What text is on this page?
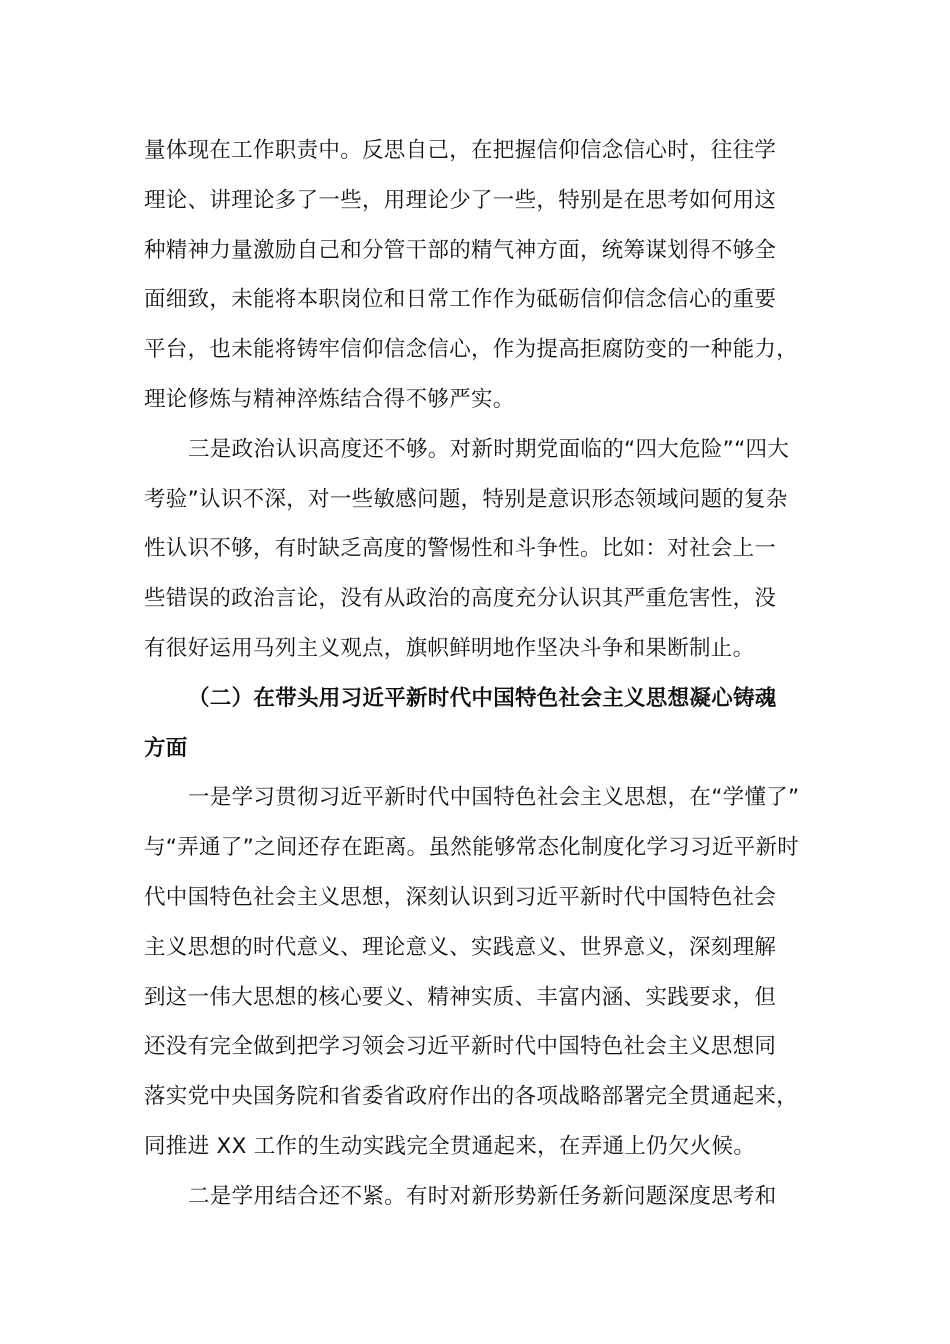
量体现在工作职责中。反思自己，在把握信仰信念信心时，往往学
理论、讲理论多了一些，用理论少了一些，特别是在思考如何用这
种精神力量激励自己和分管干部的精气神方面，统筹谋划得不够全
面细致，未能将本职岗位和日常工作作为砥砺信仰信念信心的重要
平台，也未能将铸牢信仰信念信心，作为提高拒腐防变的一种能力，
理论修炼与精神淬炼结合得不够严实。
三是政治认识高度还不够。对新时期党面临的“四大危险”“四大
考验”认识不深，对一些敏感问题，特别是意识形态领域问题的复杂
性认识不够，有时缺乏高度的警惕性和斗争性。比如：对社会上一
些错误的政治言论，没有从政治的高度充分认识其严重危害性，没
有很好运用马列主义观点，旗帜鲜明地作坚决斗争和果断制止。
（二）在带头用习近平新时代中国特色社会主义思想凝心铸魂
方面
一是学习贯彻习近平新时代中国特色社会主义思想，在“学懂了”
与“弄通了”之间还存在距离。虽然能够常态化制度化学习习近平新时
代中国特色社会主义思想，深刻认识到习近平新时代中国特色社会
主义思想的时代意义、理论意义、实践意义、世界意义，深刻理解
到这一伟大思想的核心要义、精神实质、丰富内涵、实践要求，但
还没有完全做到把学习领会习近平新时代中国特色社会主义思想同
落实党中央国务院和省委省政府作出的各项战略部署完全贯通起来，
同推进 XX 工作的生动实践完全贯通起来，在弄通上仍欠火候。
二是学用结合还不紧。有时对新形势新任务新问题深度思考和
